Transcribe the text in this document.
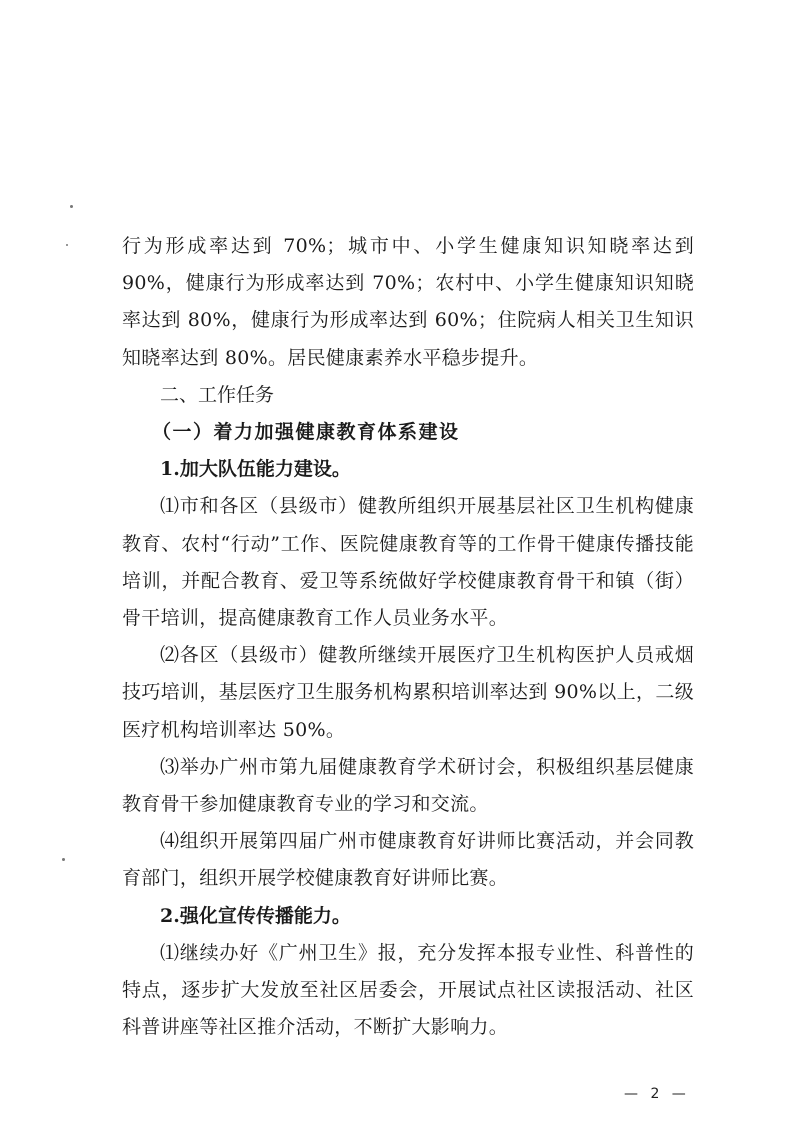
行为形成率达到 70%；城市中、小学生健康知识知晓率达到 90%，健康行为形成率达到 70%；农村中、小学生健康知识知晓率达到 80%，健康行为形成率达到 60%；住院病人相关卫生知识知晓率达到 80%。居民健康素养水平稳步提升。

二、工作任务

（一）着力加强健康教育体系建设

1.加大队伍能力建设。

⑴市和各区（县级市）健教所组织开展基层社区卫生机构健康教育、农村“行动”工作、医院健康教育等的工作骨干健康传播技能培训，并配合教育、爱卫等系统做好学校健康教育骨干和镇（街）骨干培训，提高健康教育工作人员业务水平。

⑵各区（县级市）健教所继续开展医疗卫生机构医护人员戒烟技巧培训，基层医疗卫生服务机构累积培训率达到 90%以上，二级医疗机构培训率达 50%。

⑶举办广州市第九届健康教育学术研讨会，积极组织基层健康教育骨干参加健康教育专业的学习和交流。

⑷组织开展第四届广州市健康教育好讲师比赛活动，并会同教育部门，组织开展学校健康教育好讲师比赛。

2.强化宣传传播能力。

⑴继续办好《广州卫生》报，充分发挥本报专业性、科普性的特点，逐步扩大发放至社区居委会，开展试点社区读报活动、社区科普讲座等社区推介活动，不断扩大影响力。

— 2 —
